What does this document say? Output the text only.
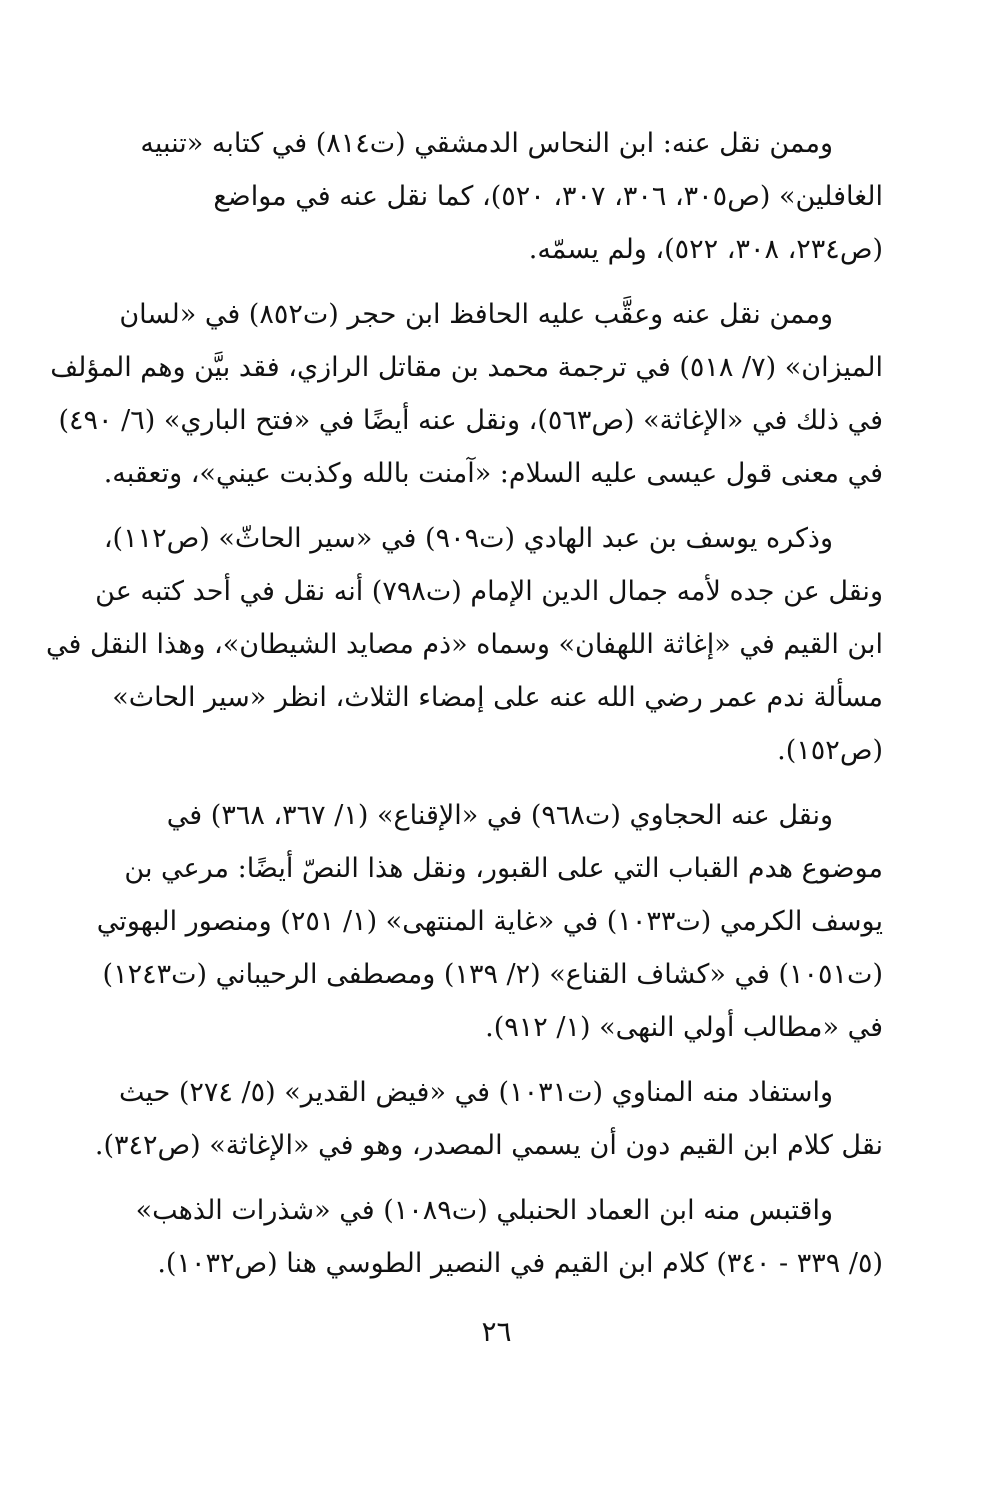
وممن نقل عنه: ابن النحاس الدمشقي (ت٨١٤) في كتابه «تنبيه
الغافلين» (ص٣٠٥، ٣٠٦، ٣٠٧، ٥٢٠)، كما نقل عنه في مواضع
(ص٢٣٤، ٣٠٨، ٥٢٢)، ولم يسمّه.
وممن نقل عنه وعقَّب عليه الحافظ ابن حجر (ت٨٥٢) في «لسان
الميزان» (٧/ ٥١٨) في ترجمة محمد بن مقاتل الرازي، فقد بيَّن وهم المؤلف
في ذلك في «الإغاثة» (ص٥٦٣)، ونقل عنه أيضًا في «فتح الباري» (٦/ ٤٩٠)
في معنى قول عيسى عليه السلام: «آمنت بالله وكذبت عيني»، وتعقبه.
وذكره يوسف بن عبد الهادي (ت٩٠٩) في «سير الحاثّ» (ص١١٢)،
ونقل عن جده لأمه جمال الدين الإمام (ت٧٩٨) أنه نقل في أحد كتبه عن
ابن القيم في «إغاثة اللهفان» وسماه «ذم مصايد الشيطان»، وهذا النقل في
مسألة ندم عمر رضي الله عنه على إمضاء الثلاث، انظر «سير الحاث»
(ص١٥٢).
ونقل عنه الحجاوي (ت٩٦٨) في «الإقناع» (١/ ٣٦٧، ٣٦٨) في
موضوع هدم القباب التي على القبور، ونقل هذا النصّ أيضًا: مرعي بن
يوسف الكرمي (ت١٠٣٣) في «غاية المنتهى» (١/ ٢٥١) ومنصور البهوتي
(ت١٠٥١) في «كشاف القناع» (٢/ ١٣٩) ومصطفى الرحيباني (ت١٢٤٣)
في «مطالب أولي النهى» (١/ ٩١٢).
واستفاد منه المناوي (ت١٠٣١) في «فيض القدير» (٥/ ٢٧٤) حيث
نقل كلام ابن القيم دون أن يسمي المصدر، وهو في «الإغاثة» (ص٣٤٢).
واقتبس منه ابن العماد الحنبلي (ت١٠٨٩) في «شذرات الذهب»
(٥/ ٣٣٩ - ٣٤٠) كلام ابن القيم في النصير الطوسي هنا (ص١٠٣٢).
٢٦
